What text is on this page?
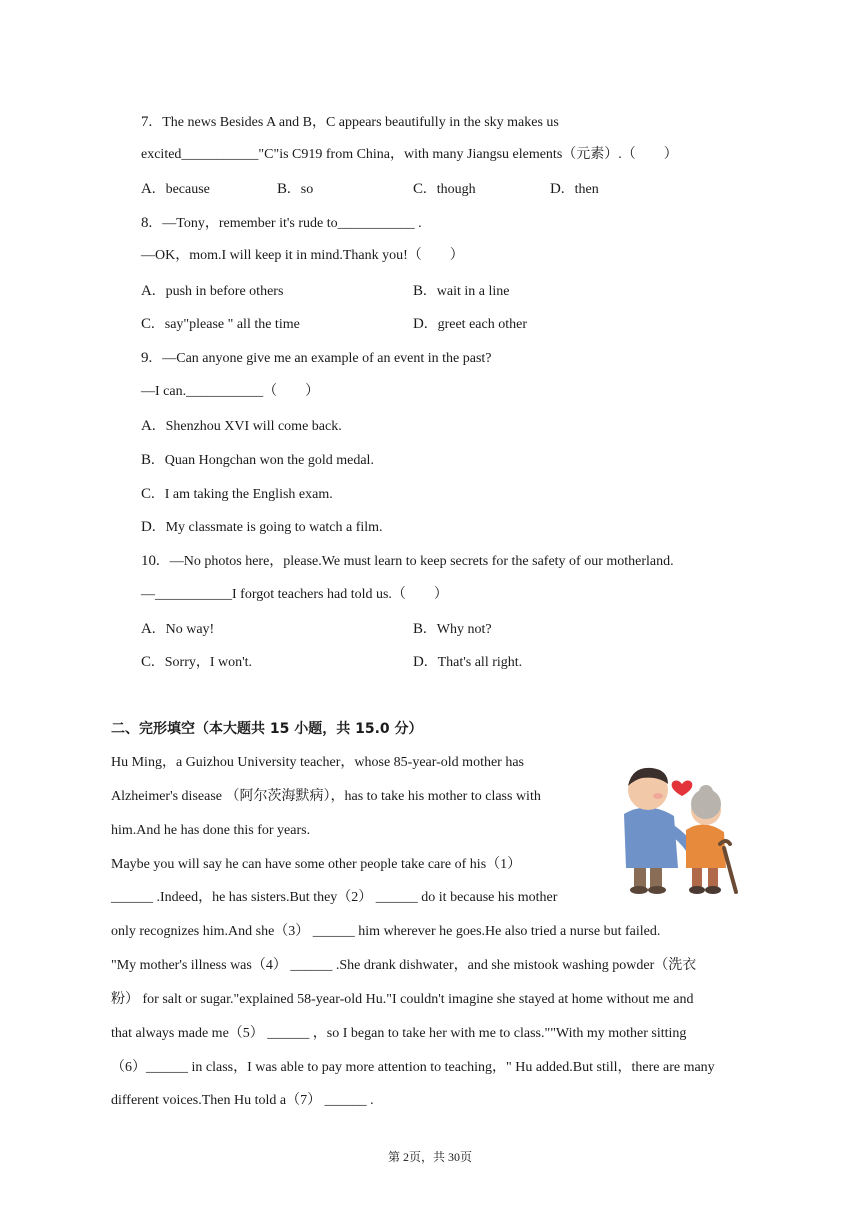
7. The news Besides A and B，C appears beautifully in the sky makes us
excited___________"C"is C919 from China，with many Jiangsu elements（元素）.（　　）
A. because	B. so	C. though	D. then
8. —Tony，remember it's rude to___________ .
—OK，mom.I will keep it in mind.Thank you!（　　）
A. push in before others	B. wait in a line
C. say"please " all the time	D. greet each other
9. —Can anyone give me an example of an event in the past?
—I can.___________（　　）
A. Shenzhou XVI will come back.
B. Quan Hongchan won the gold medal.
C. I am taking the English exam.
D. My classmate is going to watch a film.
10. —No photos here，please.We must learn to keep secrets for the safety of our motherland.
—___________I forgot teachers had told us.（　　）
A. No way!	B. Why not?
C. Sorry，I won't.	D. That's all right.
二、完形填空（本大题共 15 小题，共 15.0 分）
Hu Ming，a Guizhou University teacher，whose 85-year-old mother has
Alzheimer's disease （阿尔茨海默病），has to take his mother to class with
him.And he has done this for years.
Maybe you will say he can have some other people take care of his（1）
______ .Indeed，he has sisters.But they（2） ______ do it because his mother
only recognizes him.And she（3） ______ him wherever he goes.He also tried a nurse but failed.
"My mother's illness was（4） ______ .She drank dishwater，and she mistook washing powder（洗衣
粉） for salt or sugar."explained 58-year-old Hu."I couldn't imagine she stayed at home without me and
that always made me（5） ______ ，so I began to take her with me to class.""With my mother sitting
（6）______ in class，I was able to pay more attention to teaching，" Hu added.But still，there are many
different voices.Then Hu told a（7） ______ .
第 2页，共 30页
